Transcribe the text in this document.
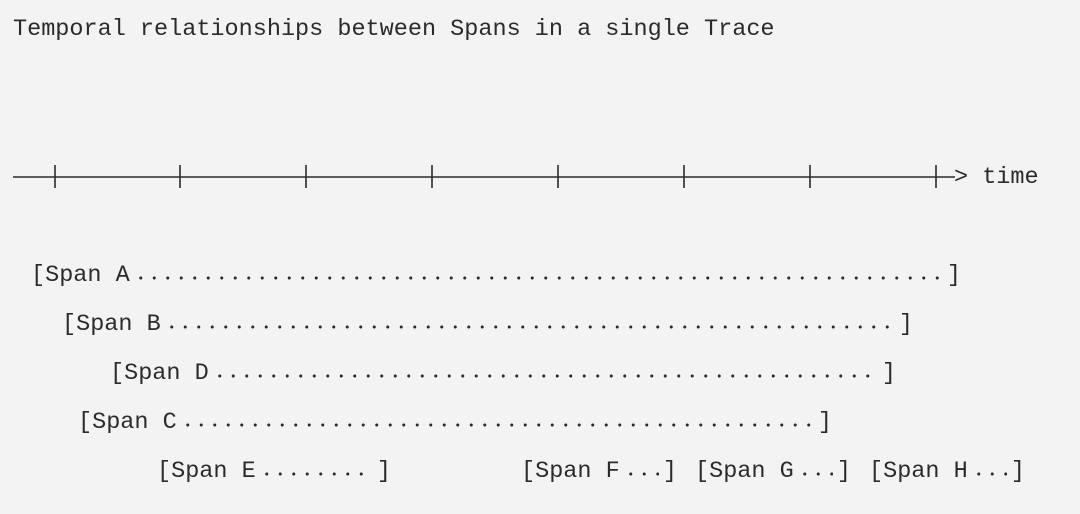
Temporal relationships between Spans in a single Trace
> time
[Span A	]
[Span B	]
[Span D	]
[Span C	]
[Span E	]	[Span F ] [Span G ] [Span H ]
